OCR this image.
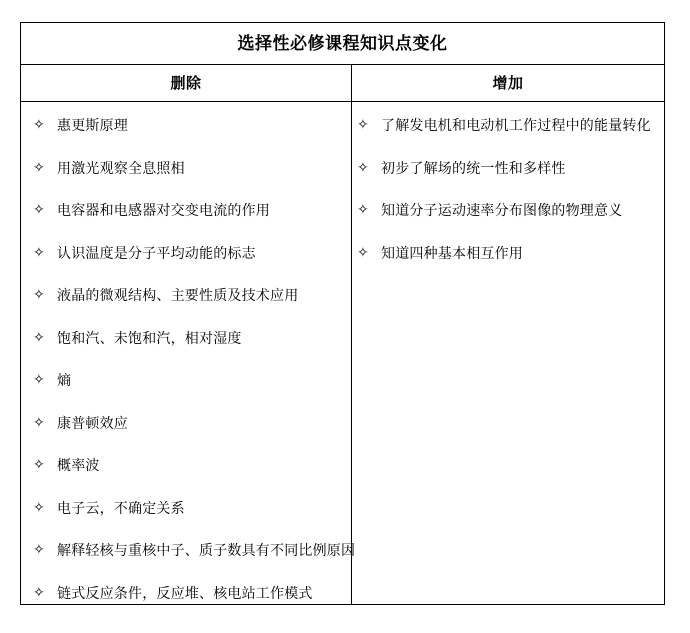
选择性必修课程知识点变化
删除	增加
✧ 惠更斯原理
✧ 用激光观察全息照相
✧ 电容器和电感器对交变电流的作用
✧ 认识温度是分子平均动能的标志
✧ 液晶的微观结构、主要性质及技术应用
✧ 饱和汽、未饱和汽，相对湿度
✧ 熵
✧ 康普顿效应
✧ 概率波
✧ 电子云，不确定关系
✧ 解释轻核与重核中子、质子数具有不同比例原因
✧ 链式反应条件，反应堆、核电站工作模式
✧ 了解发电机和电动机工作过程中的能量转化
✧ 初步了解场的统一性和多样性
✧ 知道分子运动速率分布图像的物理意义
✧ 知道四种基本相互作用
